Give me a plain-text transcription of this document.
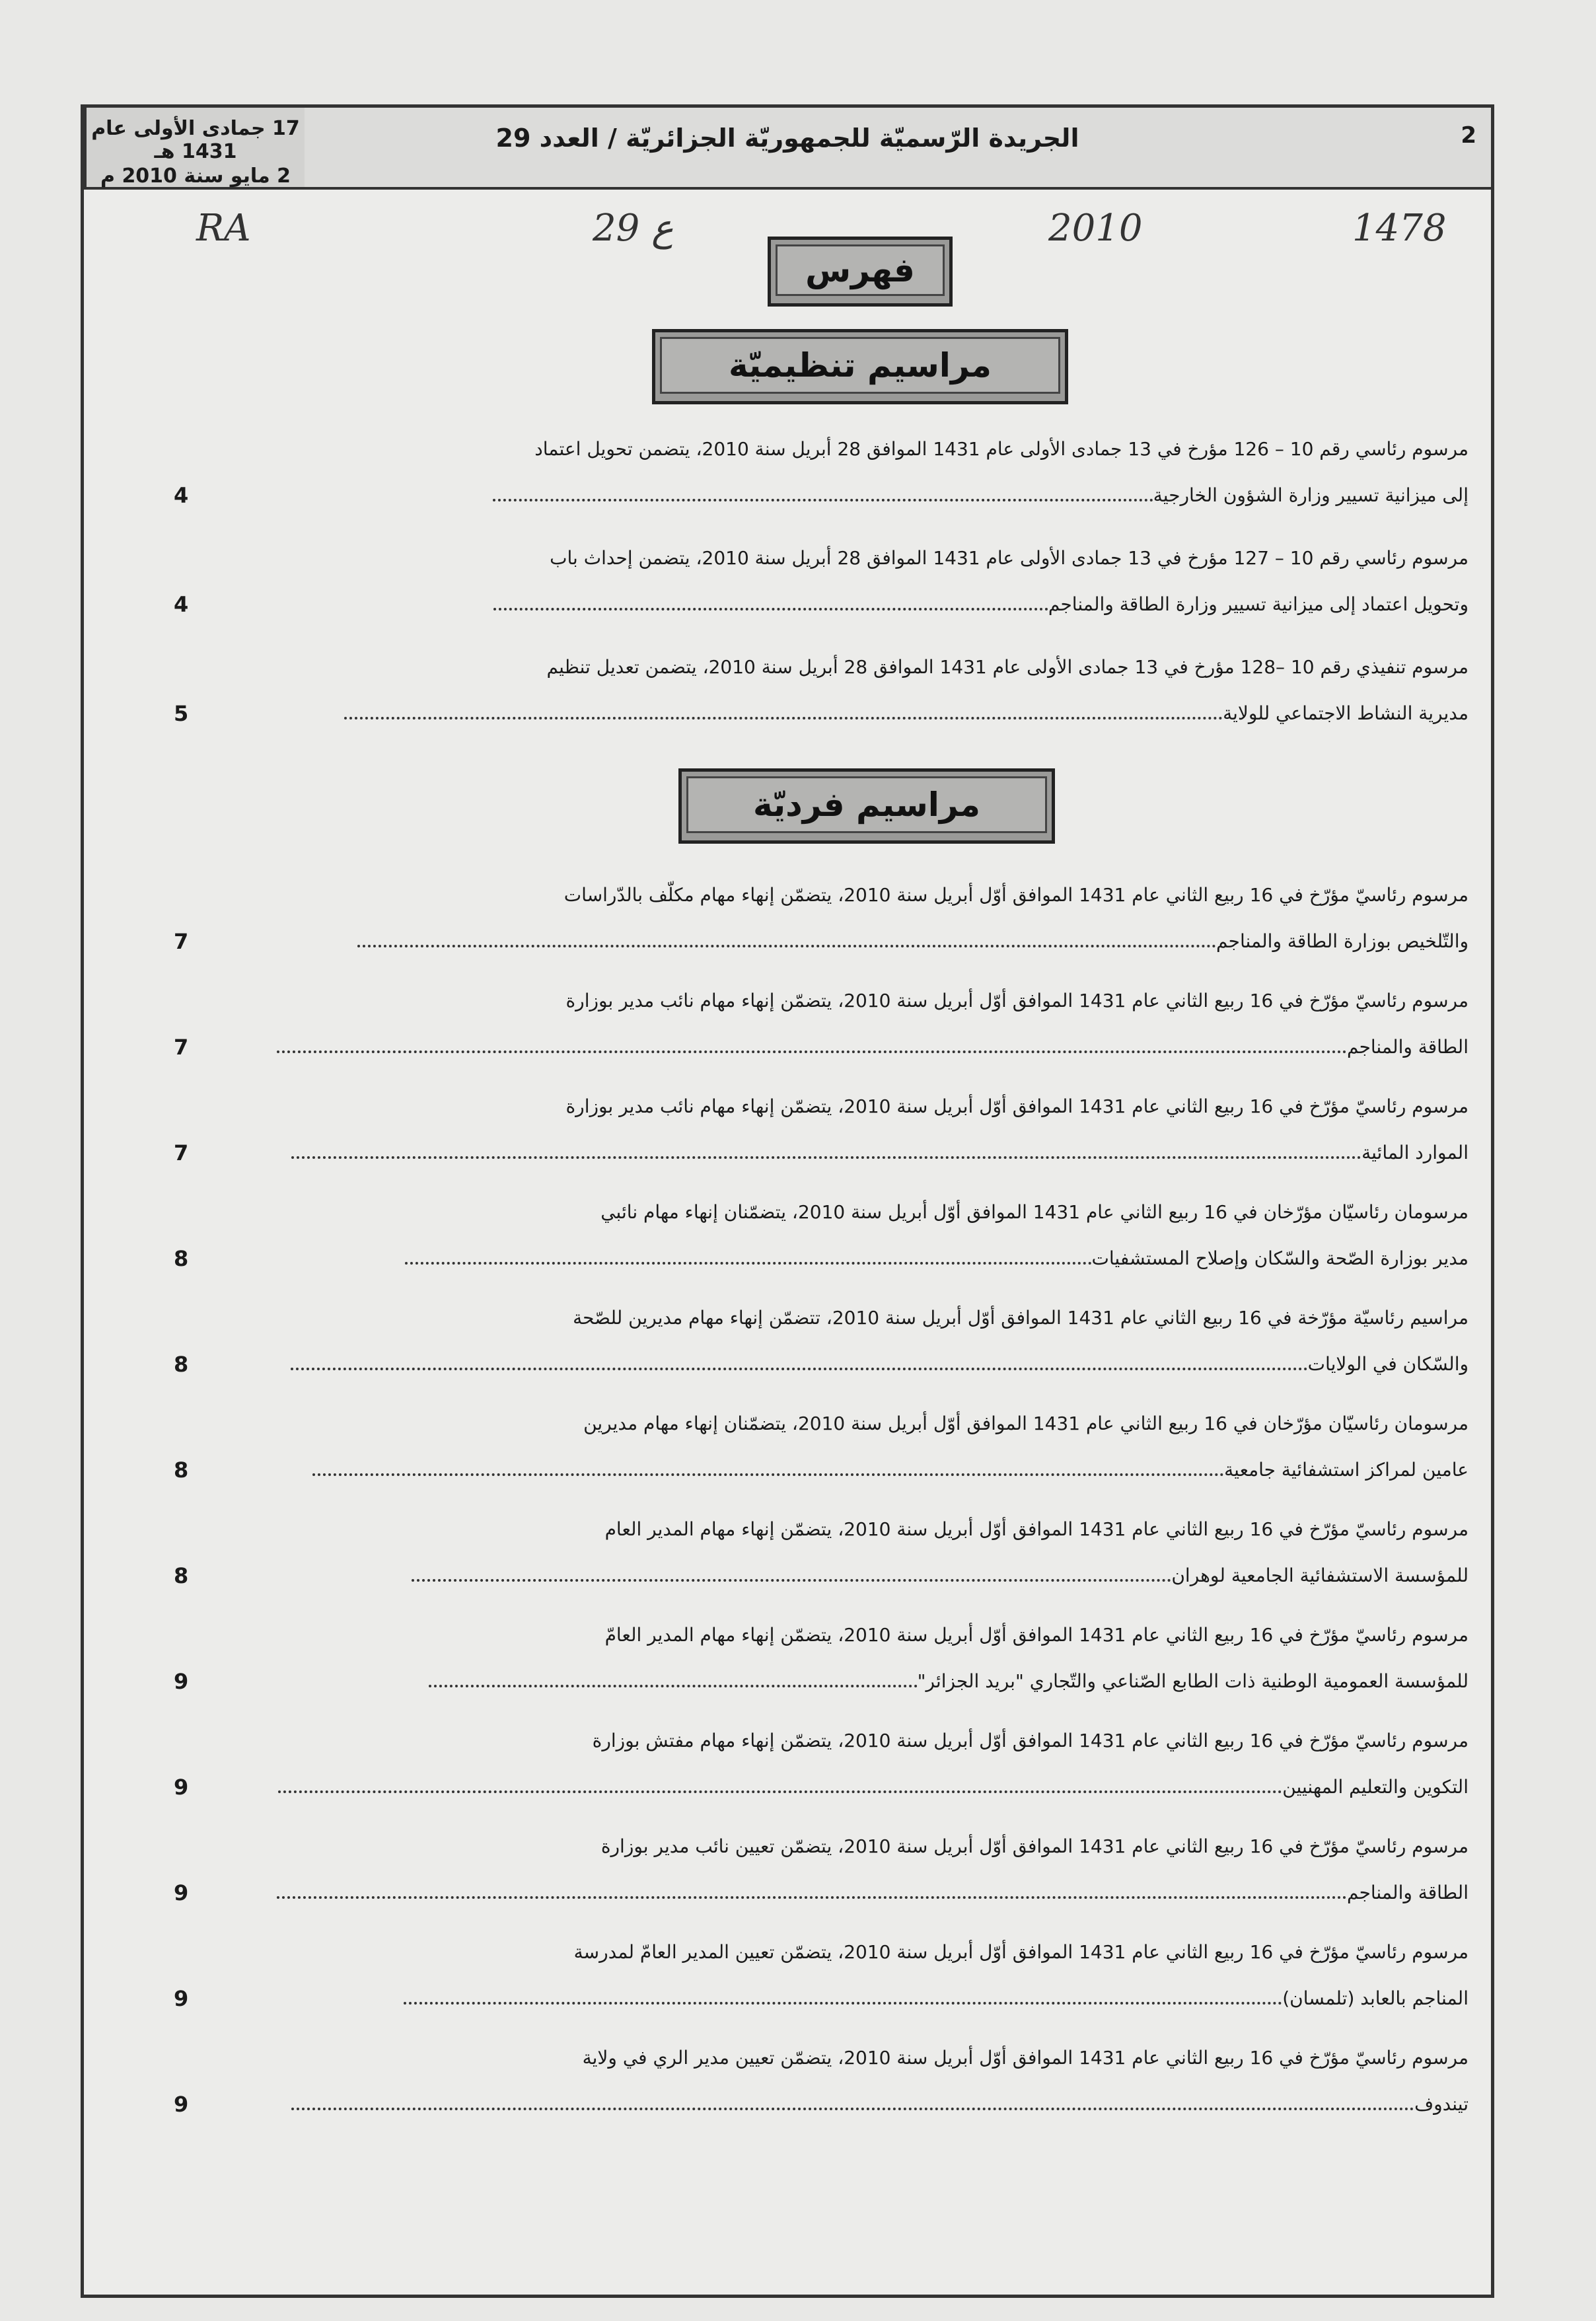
2
الجريدة الرّسميّة للجمهوريّة الجزائريّة / العدد 29
17 جمادى الأولى عام 1431 هـ
2 مايو سنة 2010 م
RA	29 ع	2010	1478
فهرس
مراسيم تنظيميّة
مرسوم رئاسي رقم 10 – 126 مؤرخ في 13 جمادى الأولى عام 1431 الموافق 28 أبريل سنة 2010، يتضمن تحويل اعتماد
إلى ميزانية تسيير وزارة الشؤون الخارجية
4
مرسوم رئاسي رقم 10 – 127 مؤرخ في 13 جمادى الأولى عام 1431 الموافق 28 أبريل سنة 2010، يتضمن إحداث باب
وتحويل اعتماد إلى ميزانية تسيير وزارة الطاقة والمناجم
4
مرسوم تنفيذي رقم 10 –128 مؤرخ في 13 جمادى الأولى عام 1431 الموافق 28 أبريل سنة 2010، يتضمن تعديل تنظيم
مديرية النشاط الاجتماعي للولاية
5
مراسيم فرديّة
مرسوم رئاسيّ مؤرّخ في 16 ربيع الثاني عام 1431 الموافق أوّل أبريل سنة 2010، يتضمّن إنهاء مهام مكلّف بالدّراسات
والتّلخيص بوزارة الطاقة والمناجم
7
مرسوم رئاسيّ مؤرّخ في 16 ربيع الثاني عام 1431 الموافق أوّل أبريل سنة 2010، يتضمّن إنهاء مهام نائب مدير بوزارة
الطاقة والمناجم
7
مرسوم رئاسيّ مؤرّخ في 16 ربيع الثاني عام 1431 الموافق أوّل أبريل سنة 2010، يتضمّن إنهاء مهام نائب مدير بوزارة
الموارد المائية
7
مرسومان رئاسيّان مؤرّخان في 16 ربيع الثاني عام 1431 الموافق أوّل أبريل سنة 2010، يتضمّنان إنهاء مهام نائبي
مدير بوزارة الصّحة والسّكان وإصلاح المستشفيات
8
مراسيم رئاسيّة مؤرّخة في 16 ربيع الثاني عام 1431 الموافق أوّل أبريل سنة 2010، تتضمّن إنهاء مهام مديرين للصّحة
والسّكان في الولايات
8
مرسومان رئاسيّان مؤرّخان في 16 ربيع الثاني عام 1431 الموافق أوّل أبريل سنة 2010، يتضمّنان إنهاء مهام مديرين
عامين لمراكز استشفائية جامعية
8
مرسوم رئاسيّ مؤرّخ في 16 ربيع الثاني عام 1431 الموافق أوّل أبريل سنة 2010، يتضمّن إنهاء مهام المدير العام
للمؤسسة الاستشفائية الجامعية لوهران
8
مرسوم رئاسيّ مؤرّخ في 16 ربيع الثاني عام 1431 الموافق أوّل أبريل سنة 2010، يتضمّن إنهاء مهام المدير العامّ
للمؤسسة العمومية الوطنية ذات الطابع الصّناعي والتّجاري "بريد الجزائر"
9
مرسوم رئاسيّ مؤرّخ في 16 ربيع الثاني عام 1431 الموافق أوّل أبريل سنة 2010، يتضمّن إنهاء مهام مفتش بوزارة
التكوين والتعليم المهنيين
9
مرسوم رئاسيّ مؤرّخ في 16 ربيع الثاني عام 1431 الموافق أوّل أبريل سنة 2010، يتضمّن تعيين نائب مدير بوزارة
الطاقة والمناجم
9
مرسوم رئاسيّ مؤرّخ في 16 ربيع الثاني عام 1431 الموافق أوّل أبريل سنة 2010، يتضمّن تعيين المدير العامّ لمدرسة
المناجم بالعابد (تلمسان)
9
مرسوم رئاسيّ مؤرّخ في 16 ربيع الثاني عام 1431 الموافق أوّل أبريل سنة 2010، يتضمّن تعيين مدير الري في ولاية
تيندوف
9
